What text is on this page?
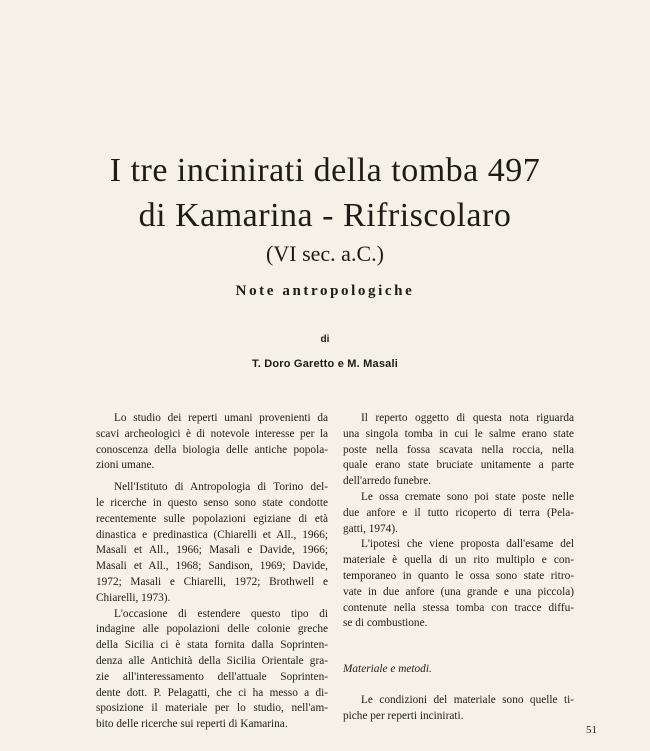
I tre incinirati della tomba 497
di Kamarina - Rifriscolaro
(VI sec. a.C.)
Note antropologiche
di
T. Doro Garetto e M. Masali
Lo studio dei reperti umani provenienti da
scavi archeologici è di notevole interesse per la
conoscenza della biologia delle antiche popola-
zioni umane.
Nell'Istituto di Antropologia di Torino del-
le ricerche in questo senso sono state condotte
recentemente sulle popolazioni egiziane di età
dinastica e predinastica (Chiarelli et All., 1966;
Masali et All., 1966; Masali e Davide, 1966;
Masali et All., 1968; Sandison, 1969; Davide,
1972; Masali e Chiarelli, 1972; Brothwell e
Chiarelli, 1973).
L'occasione di estendere questo tipo di
indagine alle popolazioni delle colonie greche
della Sicilia ci è stata fornita dalla Soprinten-
denza alle Antichità della Sicilia Orientale gra-
zie all'interessamento dell'attuale Soprinten-
dente dott. P. Pelagatti, che ci ha messo a di-
sposizione il materiale per lo studio, nell'am-
bito delle ricerche sui reperti di Kamarina.
Il reperto oggetto di questa nota riguarda
una singola tomba in cui le salme erano state
poste nella fossa scavata nella roccia, nella
quale erano state bruciate unitamente a parte
dell'arredo funebre.
Le ossa cremate sono poi state poste nelle
due anfore e il tutto ricoperto di terra (Pela-
gatti, 1974).
L'ipotesi che viene proposta dall'esame del
materiale è quella di un rito multiplo e con-
temporaneo in quanto le ossa sono state ritro-
vate in due anfore (una grande e una piccola)
contenute nella stessa tomba con tracce diffu-
se di combustione.
Materiale e metodi.
Le condizioni del materiale sono quelle ti-
piche per reperti incinirati.
51
